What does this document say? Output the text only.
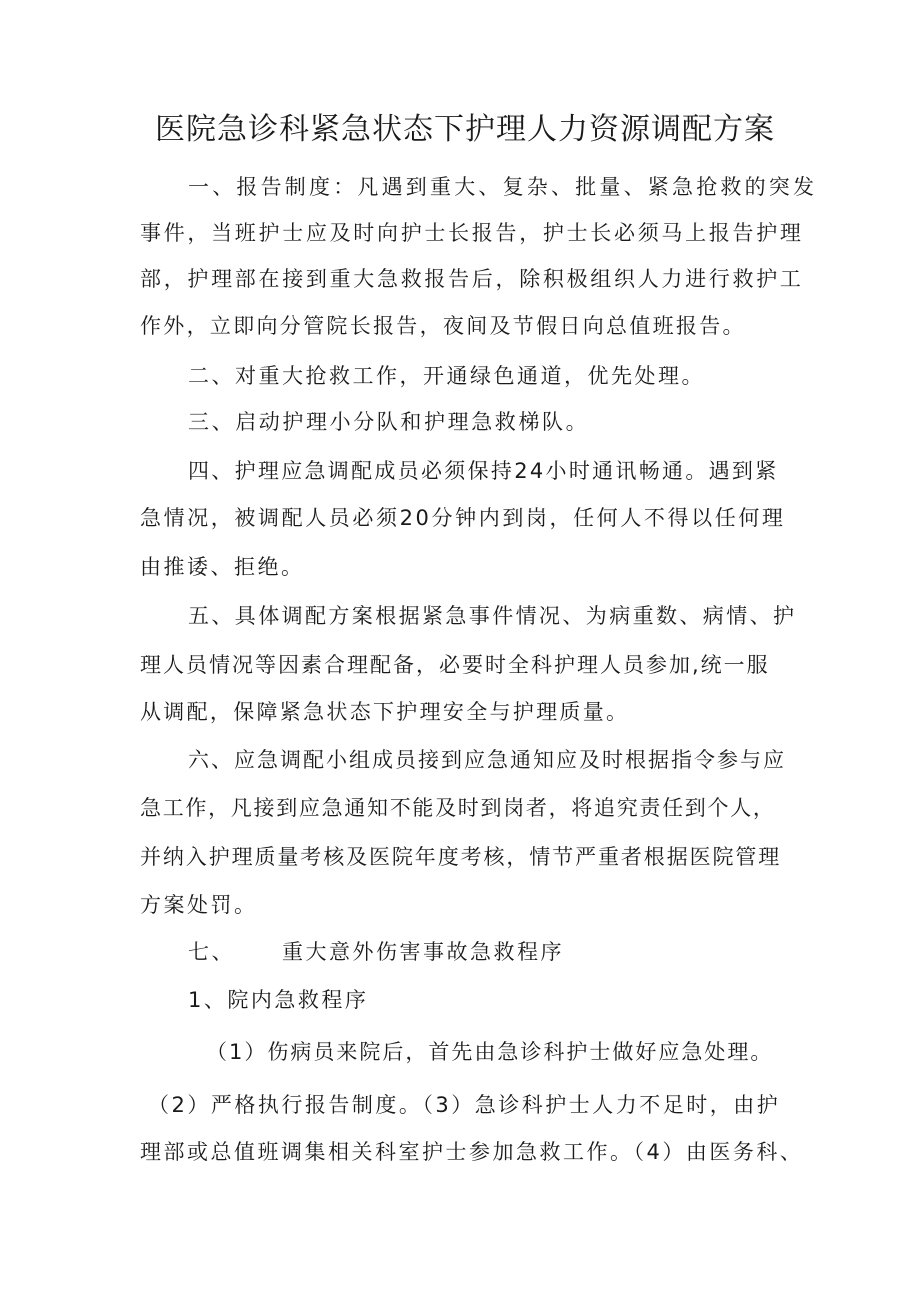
医院急诊科紧急状态下护理人力资源调配方案
一、报告制度：凡遇到重大、复杂、批量、紧急抢救的突发
事件，当班护士应及时向护士长报告，护士长必须马上报告护理
部，护理部在接到重大急救报告后，除积极组织人力进行救护工
作外，立即向分管院长报告，夜间及节假日向总值班报告。
二、对重大抢救工作，开通绿色通道，优先处理。
三、启动护理小分队和护理急救梯队。
四、护理应急调配成员必须保持24小时通讯畅通。遇到紧
急情况，被调配人员必须20分钟内到岗，任何人不得以任何理
由推诿、拒绝。
五、具体调配方案根据紧急事件情况、为病重数、病情、护
理人员情况等因素合理配备，必要时全科护理人员参加,统一服
从调配，保障紧急状态下护理安全与护理质量。
六、应急调配小组成员接到应急通知应及时根据指令参与应
急工作，凡接到应急通知不能及时到岗者，将追究责任到个人，
并纳入护理质量考核及医院年度考核，情节严重者根据医院管理
方案处罚。
七、 重大意外伤害事故急救程序
1、院内急救程序
（1）伤病员来院后，首先由急诊科护士做好应急处理。
（2）严格执行报告制度。（3）急诊科护士人力不足时，由护
理部或总值班调集相关科室护士参加急救工作。（4）由医务科、
